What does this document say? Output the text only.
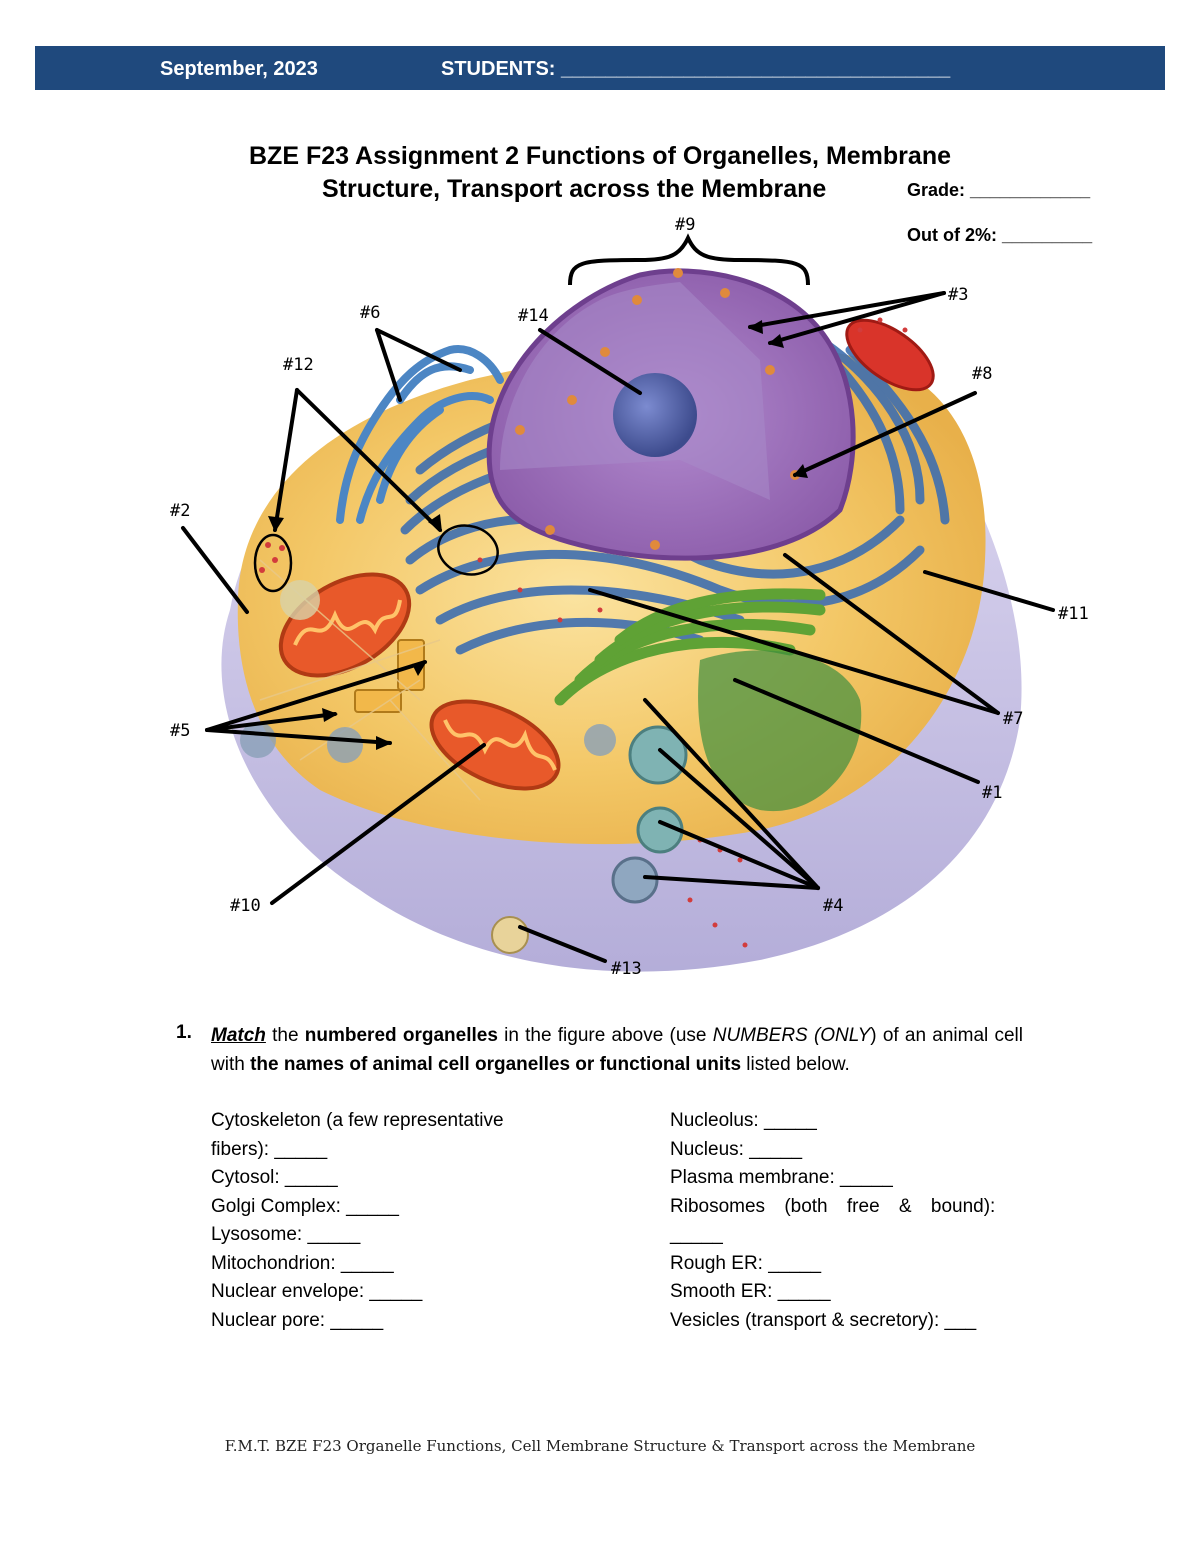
September, 2023	STUDENTS: ___________________________________
BZE F23 Assignment 2 Functions of Organelles, Membrane
Structure, Transport across the Membrane	Grade: ____________
Out of 2%: _________
#1
#2
#3
#4
#5
#6
#7
#8
#9
#10
#11
#12
#13
#14
1. Match the numbered organelles in the figure above (use NUMBERS (ONLY) of an animal cell with the names of animal cell organelles or functional units listed below.
Cytoskeleton (a few representative
fibers): _____
Cytosol: _____
Golgi Complex: _____
Lysosome: _____
Mitochondrion: _____
Nuclear envelope: _____
Nuclear pore: _____
Nucleolus: _____
Nucleus: _____
Plasma membrane: _____
Ribosomes (both free & bound):
_____
Rough ER: _____
Smooth ER: _____
Vesicles (transport & secretory): ___
F.M.T. BZE F23 Organelle Functions, Cell Membrane Structure & Transport across the Membrane
